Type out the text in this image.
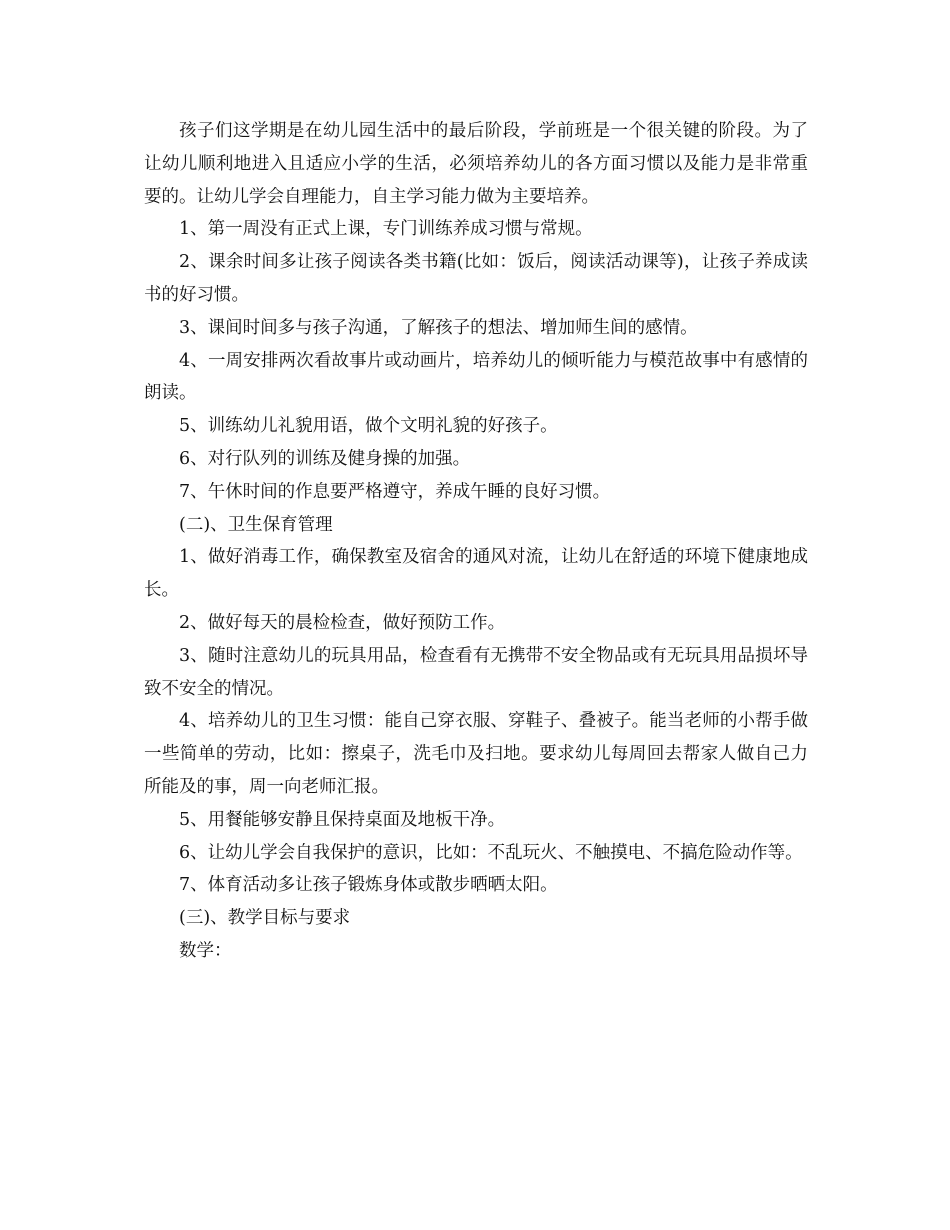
孩子们这学期是在幼儿园生活中的最后阶段，学前班是一个很关键的阶段。为了让幼儿顺利地进入且适应小学的生活，必须培养幼儿的各方面习惯以及能力是非常重要的。让幼儿学会自理能力，自主学习能力做为主要培养。

1、第一周没有正式上课，专门训练养成习惯与常规。

2、课余时间多让孩子阅读各类书籍(比如：饭后，阅读活动课等)，让孩子养成读书的好习惯。

3、课间时间多与孩子沟通，了解孩子的想法、增加师生间的感情。

4、一周安排两次看故事片或动画片，培养幼儿的倾听能力与模范故事中有感情的朗读。

5、训练幼儿礼貌用语，做个文明礼貌的好孩子。

6、对行队列的训练及健身操的加强。

7、午休时间的作息要严格遵守，养成午睡的良好习惯。

(二)、卫生保育管理

1、做好消毒工作，确保教室及宿舍的通风对流，让幼儿在舒适的环境下健康地成长。

2、做好每天的晨检检查，做好预防工作。

3、随时注意幼儿的玩具用品，检查看有无携带不安全物品或有无玩具用品损坏导致不安全的情况。

4、培养幼儿的卫生习惯：能自己穿衣服、穿鞋子、叠被子。能当老师的小帮手做一些简单的劳动，比如：擦桌子，洗毛巾及扫地。要求幼儿每周回去帮家人做自己力所能及的事，周一向老师汇报。

5、用餐能够安静且保持桌面及地板干净。

6、让幼儿学会自我保护的意识，比如：不乱玩火、不触摸电、不搞危险动作等。

7、体育活动多让孩子锻炼身体或散步晒晒太阳。

(三)、教学目标与要求

数学：
